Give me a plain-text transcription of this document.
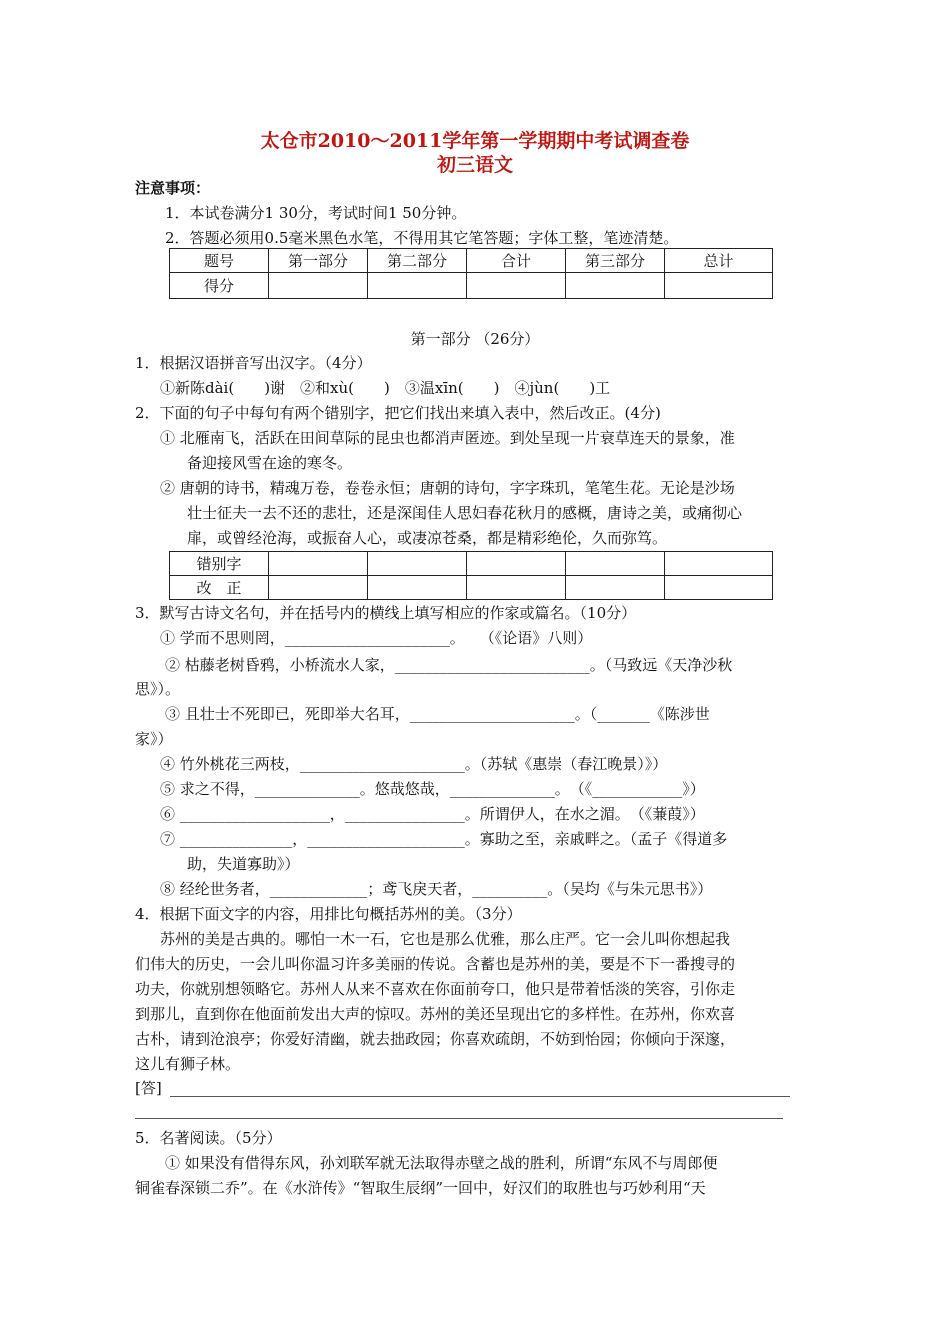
太仓市2010～2011学年第一学期期中考试调查卷
初三语文
注意事项：
1．本试卷满分1 30分，考试时间1 50分钟。
2．答题必须用0.5毫米黑色水笔，不得用其它笔答题；字体工整，笔迹清楚。
题号	第一部分	第二部分	合计	第三部分	总计
得分					
第一部分 （26分）
1．根据汉语拼音写出汉字。（4分）
①新陈dài(　　)谢　②和xù(　　)　③温xīn(　　)　④jùn(　　)工
2．下面的句子中每句有两个错别字，把它们找出来填入表中，然后改正。(4分)
① 北雁南飞，活跃在田间草际的昆虫也都消声匿迹。到处呈现一片衰草连天的景象，准
备迎接风雪在途的寒冬。
② 唐朝的诗书，精魂万卷，卷卷永恒；唐朝的诗句，字字珠玑，笔笔生花。无论是沙场
壮士征夫一去不还的悲壮，还是深闺佳人思妇春花秋月的感概，唐诗之美，或痛彻心
扉，或曾经沧海，或振奋人心，或凄凉苍桑，都是精彩绝伦，久而弥笃。
错别字					
改　正					
3．默写古诗文名句，并在括号内的横线上填写相应的作家或篇名。（10分）
① 学而不思则罔，______________________。　　（《论语》八则）
② 枯藤老树昏鸦，小桥流水人家，__________________________。（马致远《天净沙秋
思》）。
③ 且壮士不死即已，死即举大名耳，______________________。（_______《陈涉世
家》）
④ 竹外桃花三两枝，______________________。（苏轼《惠崇（春江晚景）》）
⑤ 求之不得，______________。悠哉悠哉，______________。　（《____________》）
⑥ ____________________，________________。所谓伊人，在水之湄。　（《蒹葭》）
⑦ _______________，_____________________。寡助之至，亲戚畔之。（孟子《得道多
助，失道寡助》）
⑧ 经纶世务者，_____________；鸢飞戾天者，__________。（吴均《与朱元思书》）
4．根据下面文字的内容，用排比句概括苏州的美。（3分）
苏州的美是古典的。哪怕一木一石，它也是那么优雅，那么庄严。它一会儿叫你想起我
们伟大的历史，一会儿叫你温习许多美丽的传说。含蓄也是苏州的美，要是不下一番搜寻的
功夫，你就别想领略它。苏州人从来不喜欢在你面前夸口，他只是带着恬淡的笑容，引你走
到那儿，直到你在他面前发出大声的惊叹。苏州的美还呈现出它的多样性。在苏州，你欢喜
古朴，请到沧浪亭；你爱好清幽，就去拙政园；你喜欢疏朗，不妨到怡园；你倾向于深邃，
这儿有狮子林。
[答]
5．名著阅读。（5分）
① 如果没有借得东风，孙刘联军就无法取得赤壁之战的胜利，所谓“东风不与周郎便
铜雀春深锁二乔”。在《水浒传》“智取生辰纲”一回中，好汉们的取胜也与巧妙利用“天
